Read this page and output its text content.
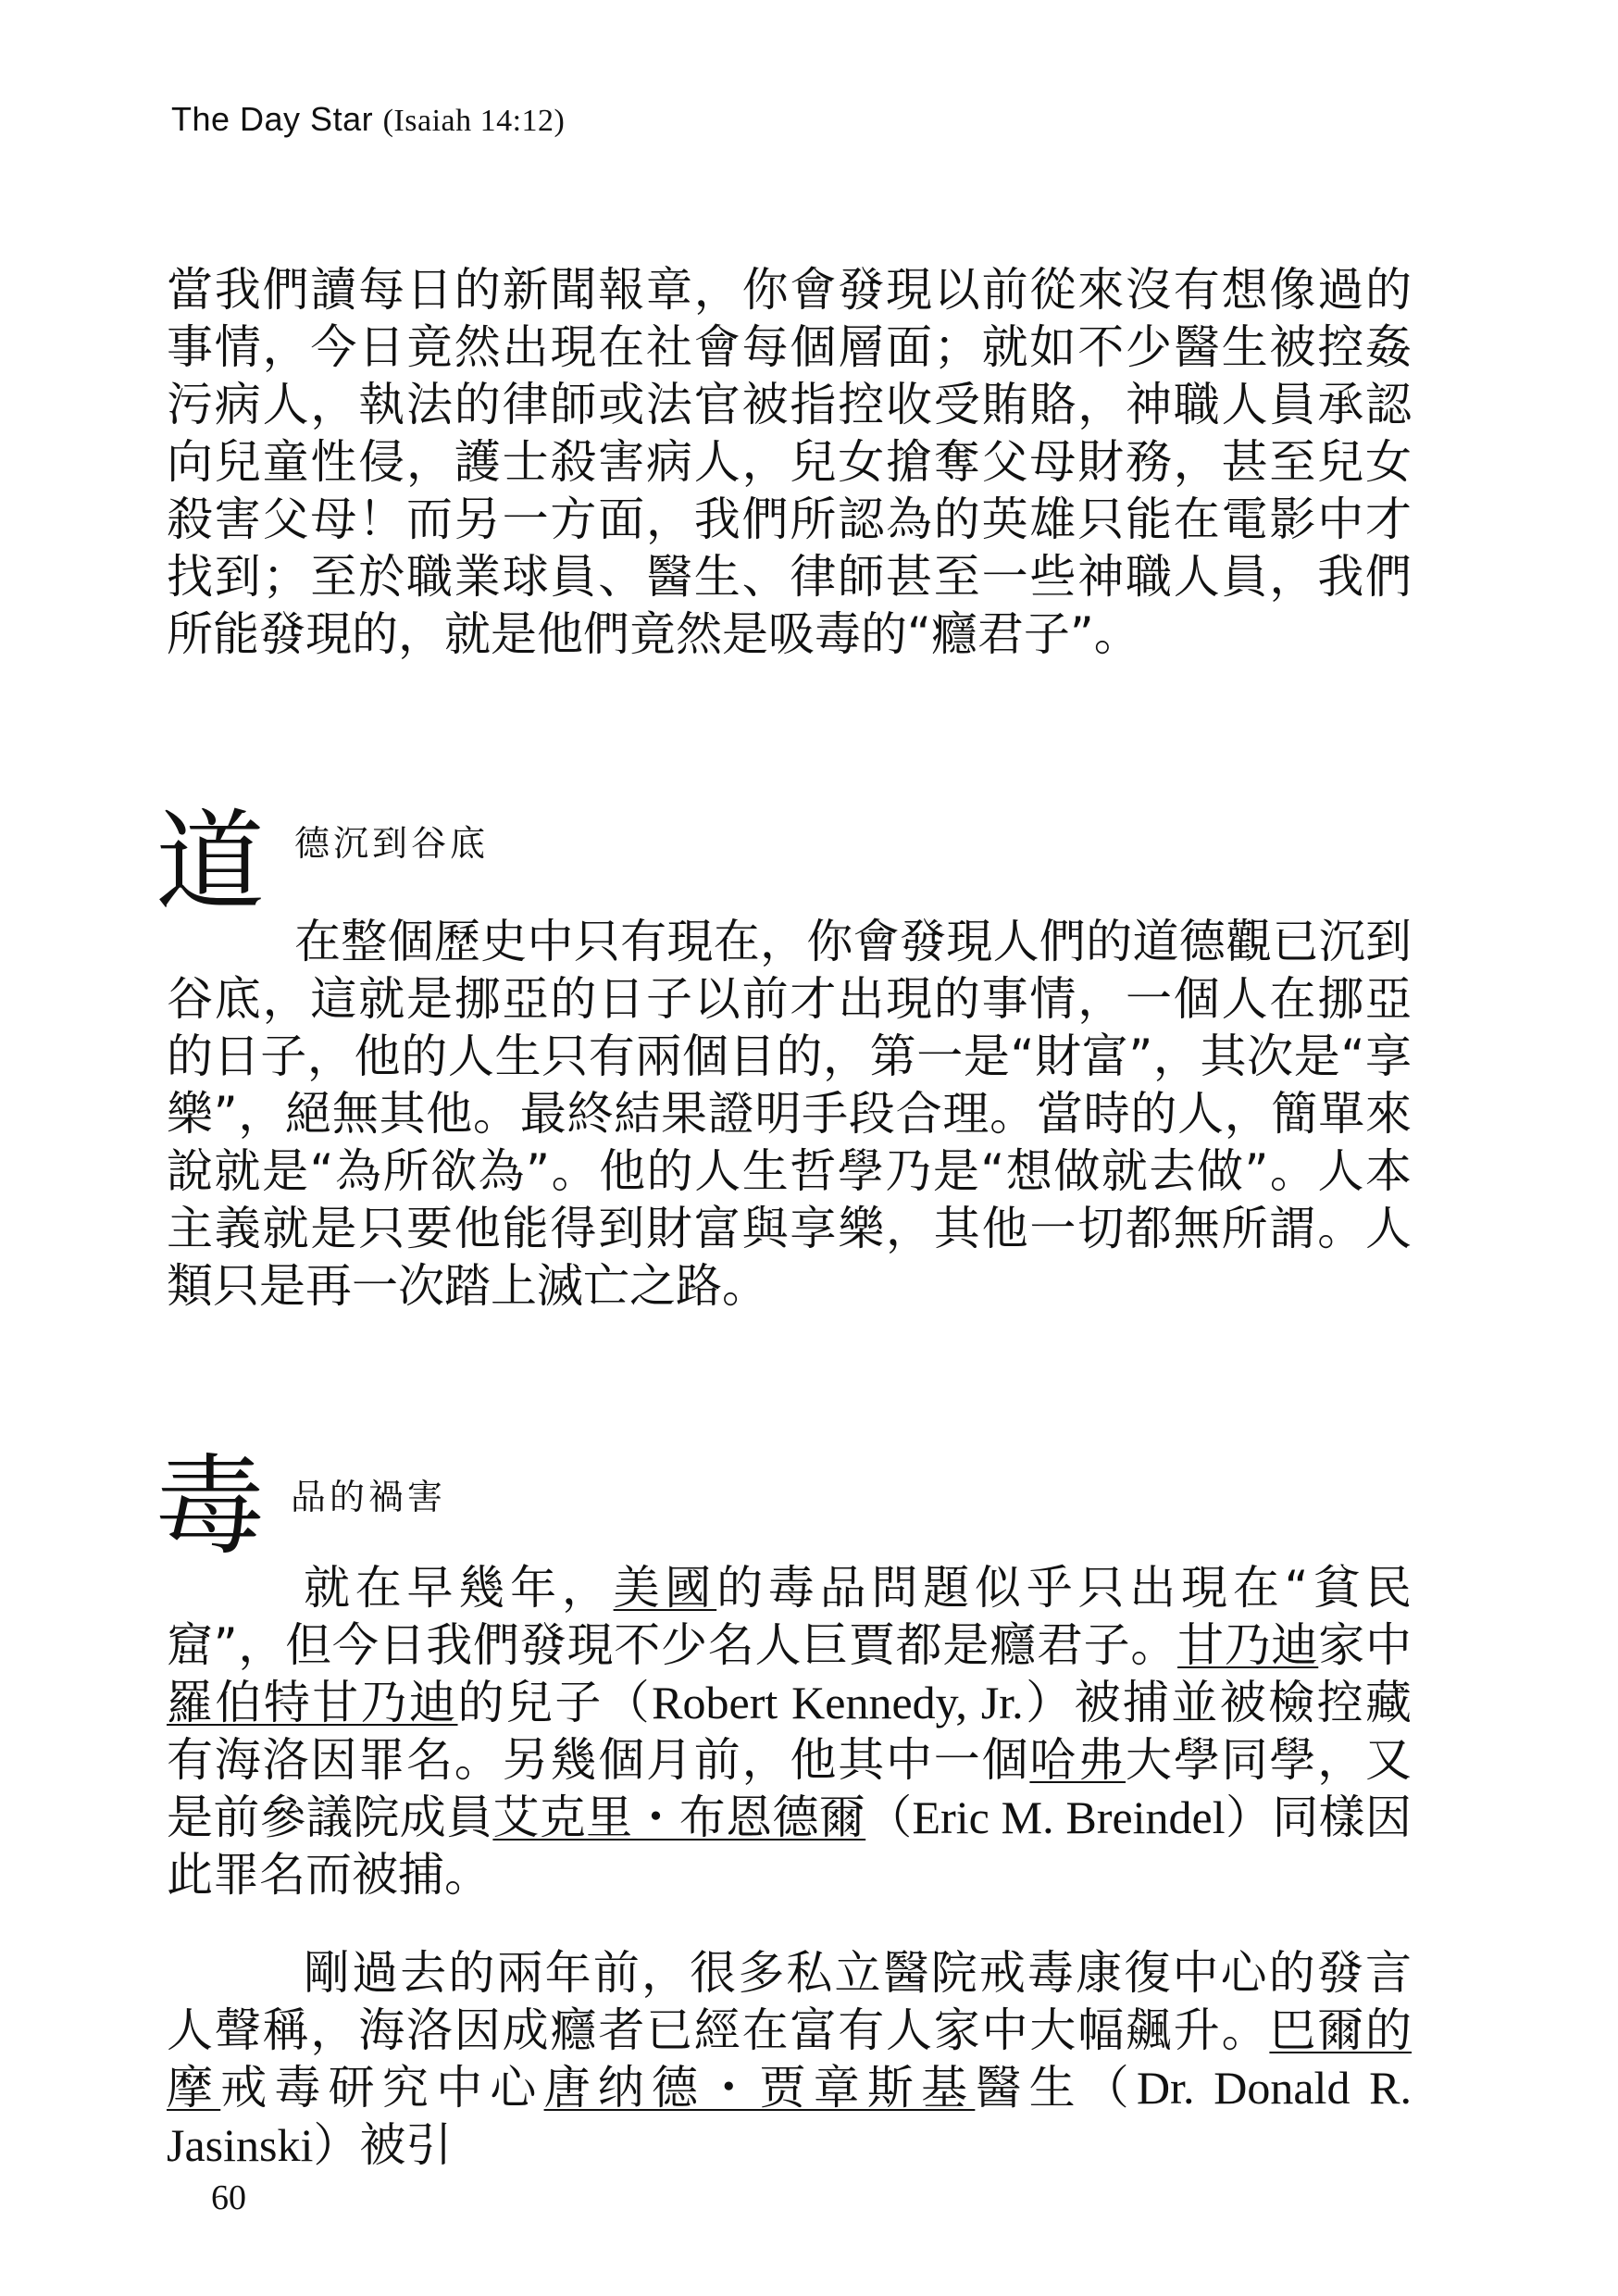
The Day Star (Isaiah 14:12)

當我們讀每日的新聞報章，你會發現以前從來沒有想像過的事情，今日竟然出現在社會每個層面；就如不少醫生被控姦污病人，執法的律師或法官被指控收受賄賂，神職人員承認向兒童性侵，護士殺害病人，兒女搶奪父母財務，甚至兒女殺害父母！而另一方面，我們所認為的英雄只能在電影中才找到；至於職業球員、醫生、律師甚至一些神職人員，我們所能發現的，就是他們竟然是吸毒的“癮君子”。

道 德沉到谷底

在整個歷史中只有現在，你會發現人們的道德觀已沉到谷底，這就是挪亞的日子以前才出現的事情，一個人在挪亞的日子，他的人生只有兩個目的，第一是“財富”，其次是“享樂”，絕無其他。最終結果證明手段合理。當時的人，簡單來說就是“為所欲為”。他的人生哲學乃是“想做就去做”。人本主義就是只要他能得到財富與享樂，其他一切都無所謂。人類只是再一次踏上滅亡之路。

毒 品的禍害

就在早幾年，美國的毒品問題似乎只出現在“貧民窟”，但今日我們發現不少名人巨賈都是癮君子。甘乃迪家中羅伯特甘乃迪的兒子（Robert Kennedy, Jr.）被捕並被檢控藏有海洛因罪名。另幾個月前，他其中一個哈弗大學同學，又是前參議院成員艾克里・布恩德爾（Eric M. Breindel）同樣因此罪名而被捕。

剛過去的兩年前，很多私立醫院戒毒康復中心的發言人聲稱，海洛因成癮者已經在富有人家中大幅飆升。巴爾的摩戒毒研究中心唐纳德・贾章斯基醫生（Dr. Donald R. Jasinski）被引

60
